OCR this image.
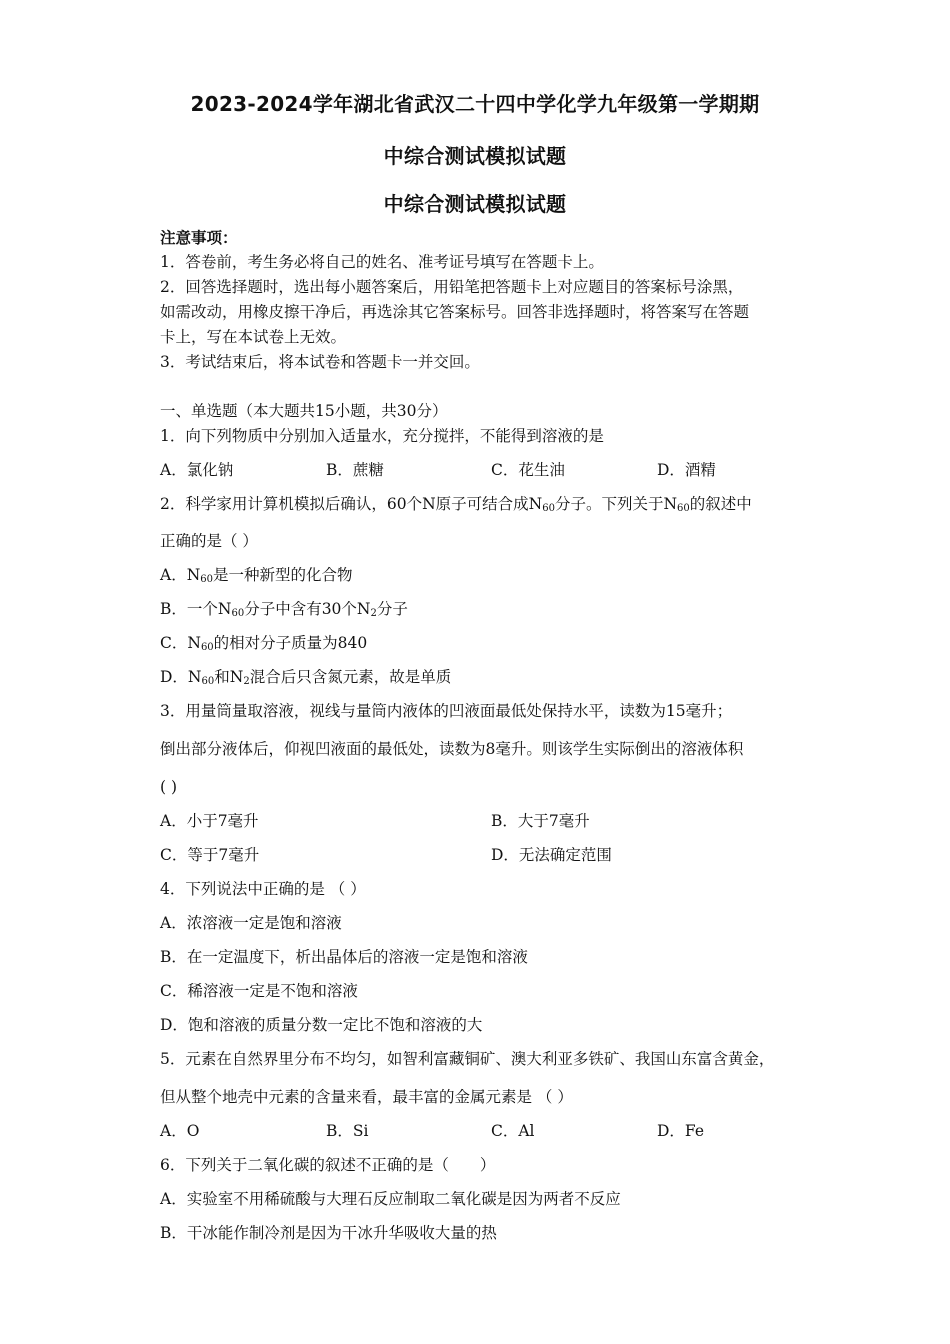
2023-2024学年湖北省武汉二十四中学化学九年级第一学期期
中综合测试模拟试题
中综合测试模拟试题
注意事项：
1．答卷前，考生务必将自己的姓名、准考证号填写在答题卡上。
2．回答选择题时，选出每小题答案后，用铅笔把答题卡上对应题目的答案标号涂黑，
如需改动，用橡皮擦干净后，再选涂其它答案标号。回答非选择题时，将答案写在答题
卡上，写在本试卷上无效。
3．考试结束后，将本试卷和答题卡一并交回。
一、单选题（本大题共15小题，共30分）
1．向下列物质中分别加入适量水，充分搅拌，不能得到溶液的是
A．氯化钠	B．蔗糖	C．花生油	D．酒精
2．科学家用计算机模拟后确认，60个N原子可结合成$N_{60}$分子。下列关于$N_{60}$的叙述中
正确的是（ ）
A．$N_{60}$是一种新型的化合物
B．一个$N_{60}$分子中含有30个$N_2$分子
C．$N_{60}$的相对分子质量为840
D．$N_{60}$和$N_2$混合后只含氮元素，故是单质
3．用量筒量取溶液，视线与量筒内液体的凹液面最低处保持水平，读数为15毫升；
倒出部分液体后，仰视凹液面的最低处，读数为8毫升。则该学生实际倒出的溶液体积
( )
A．小于7毫升	B．大于7毫升
C．等于7毫升	D．无法确定范围
4．下列说法中正确的是 （ ）
A．浓溶液一定是饱和溶液
B．在一定温度下，析出晶体后的溶液一定是饱和溶液
C．稀溶液一定是不饱和溶液
D．饱和溶液的质量分数一定比不饱和溶液的大
5．元素在自然界里分布不均匀，如智利富藏铜矿、澳大利亚多铁矿、我国山东富含黄金，
但从整个地壳中元素的含量来看，最丰富的金属元素是 （ ）
A．O	B．Si	C．Al	D．Fe
6．下列关于二氧化碳的叙述不正确的是（　　）
A．实验室不用稀硫酸与大理石反应制取二氧化碳是因为两者不反应
B．干冰能作制冷剂是因为干冰升华吸收大量的热
